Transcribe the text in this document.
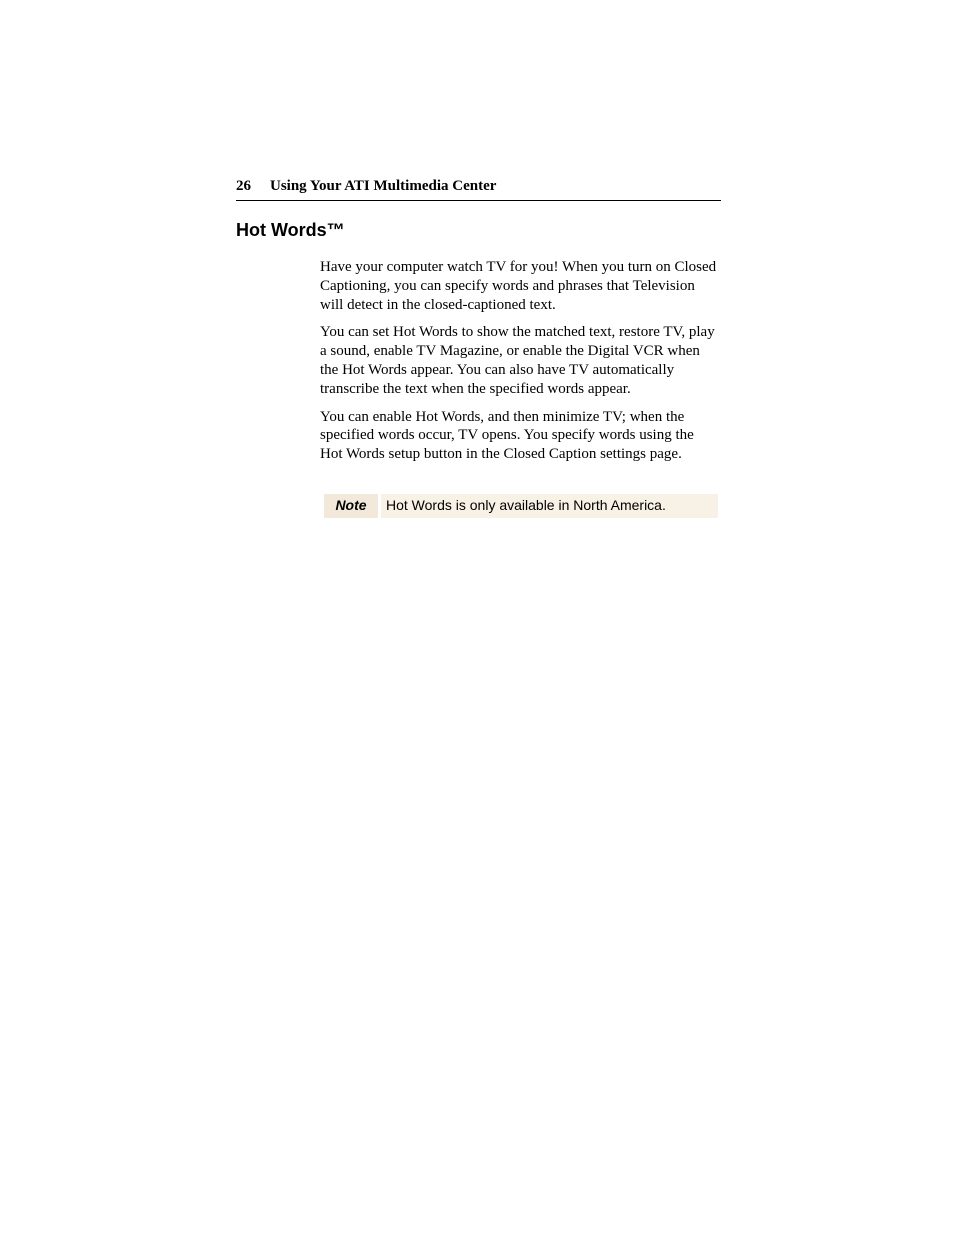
26 Using Your ATI Multimedia Center
Hot Words™

Have your computer watch TV for you! When you turn on Closed Captioning, you can specify words and phrases that Television will detect in the closed-captioned text.

You can set Hot Words to show the matched text, restore TV, play a sound, enable TV Magazine, or enable the Digital VCR when the Hot Words appear. You can also have TV automatically transcribe the text when the specified words appear.

You can enable Hot Words, and then minimize TV; when the specified words occur, TV opens. You specify words using the Hot Words setup button in the Closed Caption settings page.

Note	Hot Words is only available in North America.
